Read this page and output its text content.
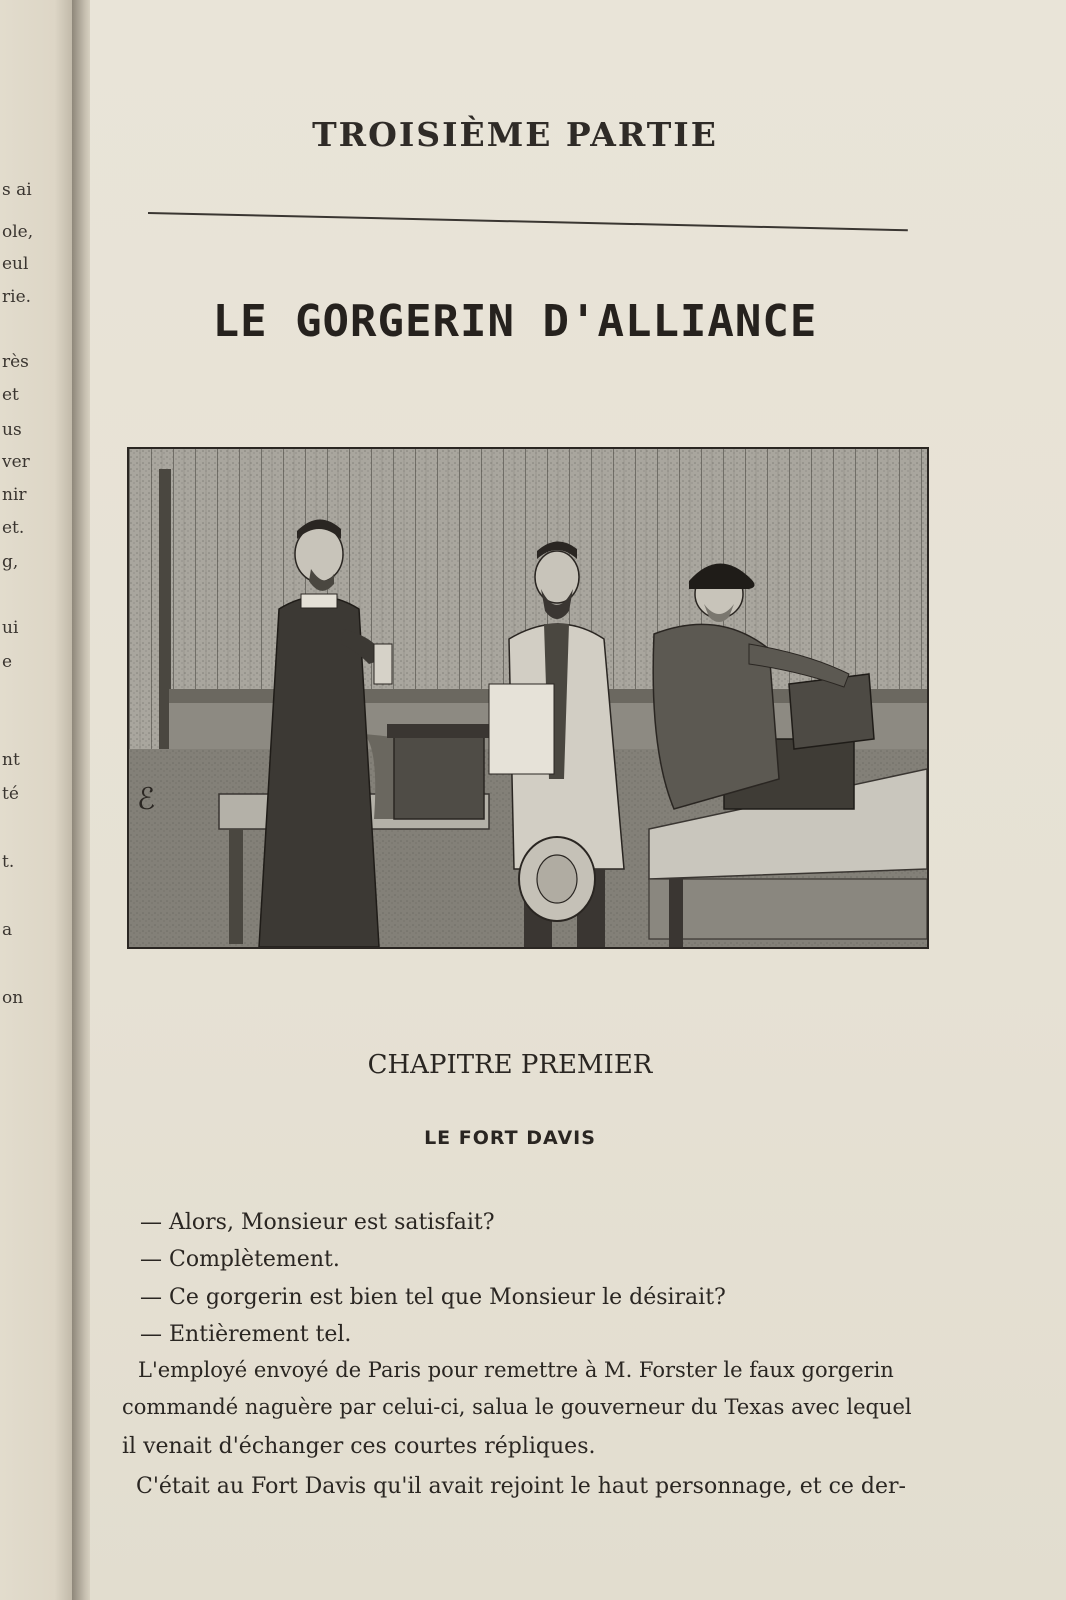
s ai
ole,
eul
rie.
rès
et
us
ver
nir
et.
g,
ui
e
nt
té
t.
a
on
TROISIÈME PARTIE
LE GORGERIN D'ALLIANCE
ℰ
CHAPITRE PREMIER
LE FORT DAVIS
— Alors, Monsieur est satisfait?
— Complètement.
— Ce gorgerin est bien tel que Monsieur le désirait?
— Entièrement tel.
L'employé envoyé de Paris pour remettre à M. Forster le faux gorgerin
commandé naguère par celui-ci, salua le gouverneur du Texas avec lequel
il venait d'échanger ces courtes répliques.
C'était au Fort Davis qu'il avait rejoint le haut personnage, et ce der-
